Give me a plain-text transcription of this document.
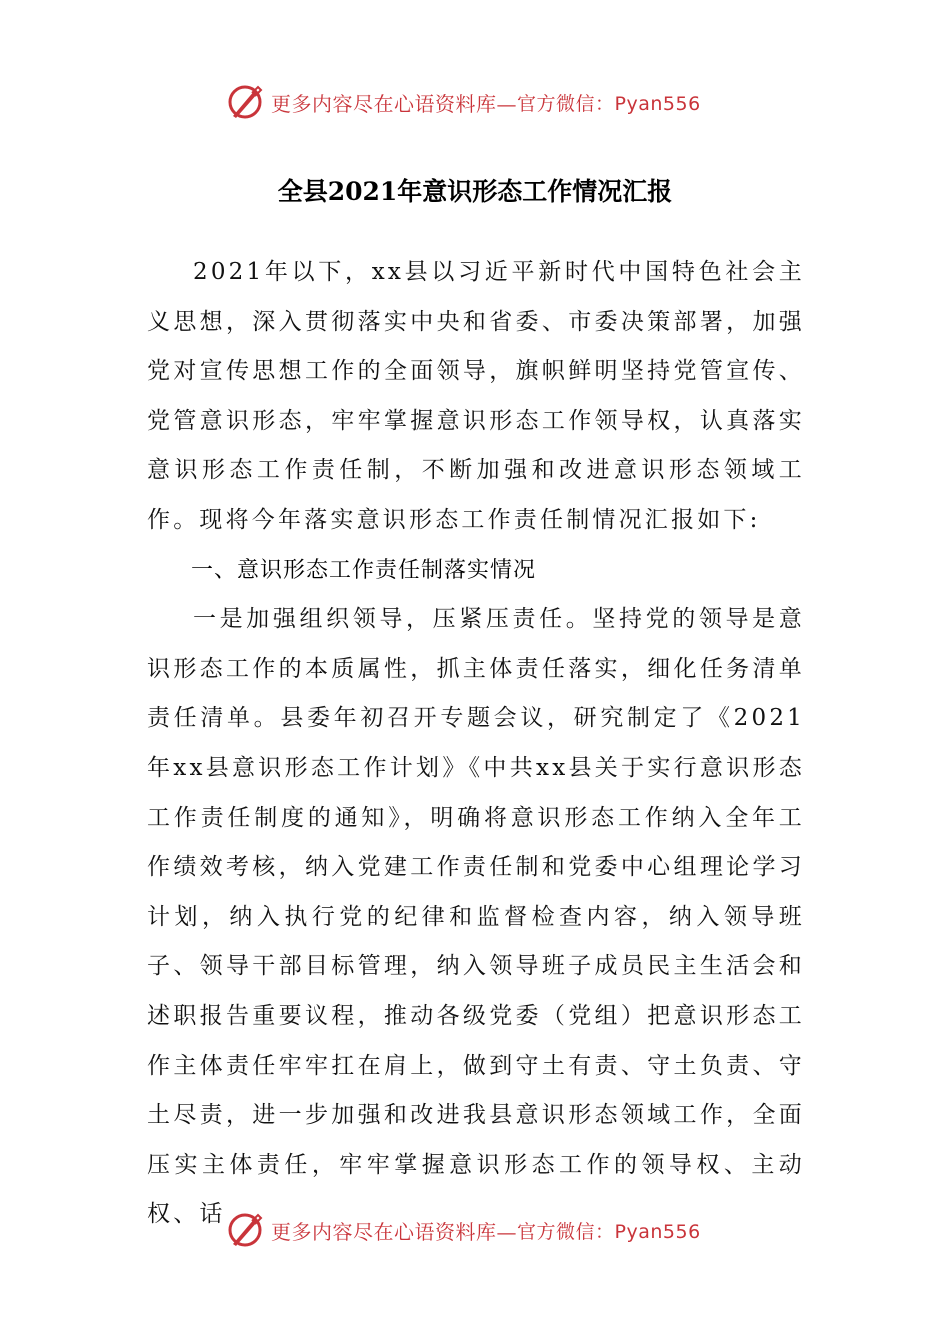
更多内容尽在心语资料库— 官方微信：Pyan556
全县2021年意识形态工作情况汇报

2021年以下，xx县以习近平新时代中国特色社会主义思想，深入贯彻落实中央和省委、市委决策部署，加强党对宣传思想工作的全面领导，旗帜鲜明坚持党管宣传、党管意识形态，牢牢掌握意识形态工作领导权，认真落实意识形态工作责任制，不断加强和改进意识形态领域工作。现将今年落实意识形态工作责任制情况汇报如下:

一、意识形态工作责任制落实情况

一是加强组织领导，压紧压责任。坚持党的领导是意识形态工作的本质属性，抓主体责任落实，细化任务清单责任清单。县委年初召开专题会议，研究制定了《2021年xx县意识形态工作计划》《中共xx县关于实行意识形态工作责任制度的通知》，明确将意识形态工作纳入全年工作绩效考核，纳入党建工作责任制和党委中心组理论学习计划，纳入执行党的纪律和监督检查内容，纳入领导班子、领导干部目标管理，纳入领导班子成员民主生活会和述职报告重要议程，推动各级党委（党组）把意识形态工作主体责任牢牢扛在肩上，做到守土有责、守土负责、守土尽责，进一步加强和改进我县意识形态领域工作，全面压实主体责任，牢牢掌握意识形态工作的领导权、主动权、话

更多内容尽在心语资料库— 官方微信：Pyan556
